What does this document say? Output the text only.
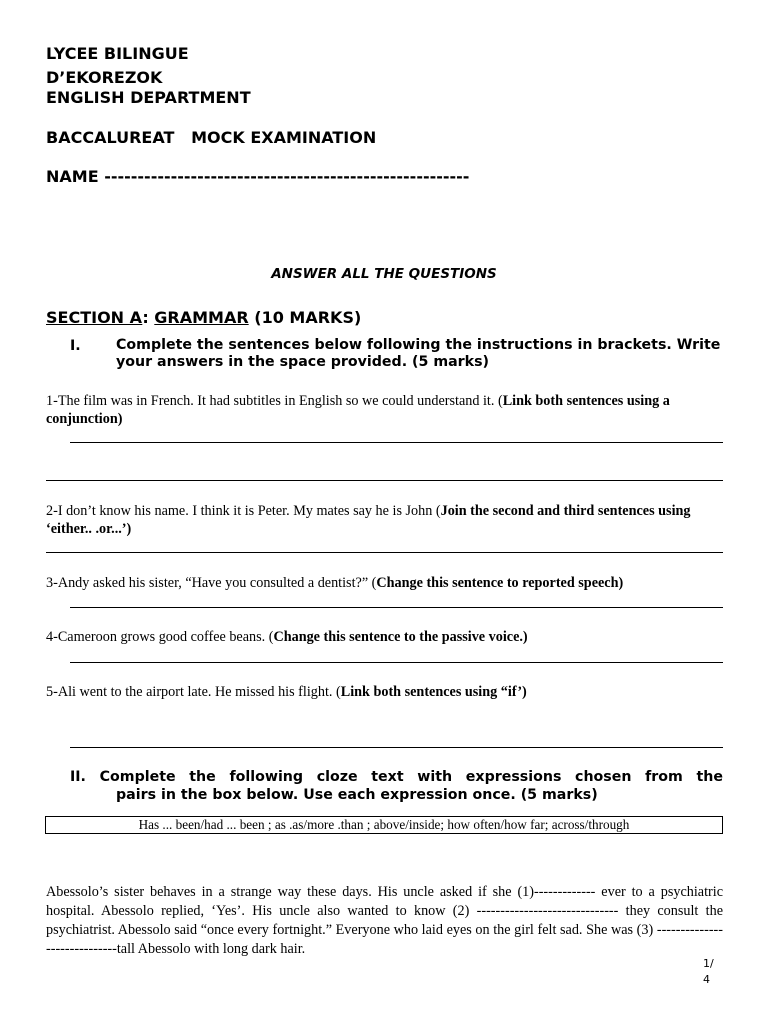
LYCEE BILINGUE
D’EKOREZOK
ENGLISH DEPARTMENT
BACCALUREAT   MOCK EXAMINATION
NAME -------------------------------------------------------
ANSWER ALL THE QUESTIONS
SECTION A: GRAMMAR (10 MARKS)
I. Complete the sentences below following the instructions in brackets. Write your answers in the space provided. (5 marks)
1-The film was in French. It had subtitles in English so we could understand it. (Link both sentences using a conjunction)
2-I don’t know his name. I think it is Peter. My mates say he is John (Join the second and third sentences using ‘either.. .or...’)
3-Andy asked his sister, “Have you consulted a dentist?” (Change this sentence to reported speech)
4-Cameroon grows good coffee beans. (Change this sentence to the passive voice.)
5-Ali went to the airport late. He missed his flight. (Link both sentences using “if’)
II. Complete the following cloze text with expressions chosen from the
pairs in the box below. Use each expression once. (5 marks)
Has ... been/had ... been ; as .as/more .than ; above/inside; how often/how far; across/through
Abessolo’s sister behaves in a strange way these days. His uncle asked if she (1)------------- ever to a psychiatric hospital. Abessolo replied, ‘Yes’. His uncle also wanted to know (2) ------------------------------ they consult the psychiatrist. Abessolo said “once every fortnight.” Everyone who laid eyes on the girl felt sad. She was (3) -----------------------------tall Abessolo with long dark hair.
1/
4
